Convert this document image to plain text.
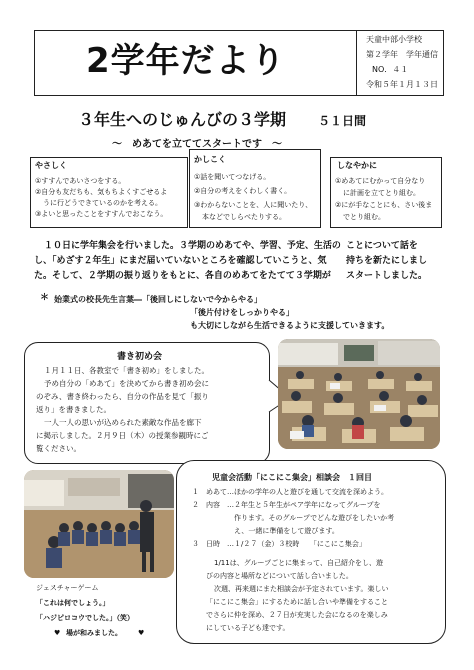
2学年だより
天童中部小学校
第２学年　学年通信
NO．４１
令和５年１月１３日
３年生へのじゅんびの３学期	５１日間
～　めあてを立ててスタートです　～
やさしく
①すすんであいさつをする。
②自分も友だちも、気もちよくすごせるよ
うに行どうできているのかを考える。
③よいと思ったことをすすんでおこなう。
かしこく
①話を聞いてつなげる。
②自分の考えをくわしく書く。
③わからないことを、人に聞いたり、
本などでしらべたりする。
しなやかに
①めあてにむかって自分なり
に計画を立てとり組む。
②にが手なことにも、さい後ま
でとり組む。
１０日に学年集会を行いました。３学期のめあてや、学習、予定、生活の ことについて話を
し、「めざす２年生」にまだ届いていないところを確認していこうと、気 持ちを新たにしまし
た。そして、２学期の振り返りをもとに、各自のめあてをたてて３学期が スタートしました。
＊ 始業式の校長先生言葉―「後回しにしないで今からやる」
「後片付けをしっかりやる」
も大切にしながら生活できるように支援していきます。
書き初め会
１月１１日、各教室で「書き初め」をしました。
予め自分の「めあて」を決めてから書き初め会に
のぞみ、書き終わったら、自分の作品を見て「振り
返り」を書きました。
一人一人の思いが込められた素敵な作品を廊下
に掲示しました。２月９日（木）の授業参観時にご
覧ください。
ジェスチャーゲーム
「これは何でしょう。」
「ハジピロコウでした。」（笑）
♥ 場が和みました。 ♥
児童会活動「にこにこ集会」相談会　１回目
１ めあて…ほかの学年の人と遊びを通して交流を深めよう。
２ 内容　…２年生と５年生がペア学年になってグループを
作ります。そのグループでどんな遊びをしたいか考
え、一緒に準備をして遊びます。
３ 日時　…１/２７（金）３校時　　「にこにこ集会」
1/11は、グループごとに集まって、自己紹介をし、遊
びの内容と場所などについて話し合いました。
次週、再来週にまた相談会が予定されています。楽しい
「にこにこ集会」にするために話し合いや準備をすること
でさらに仲を深め、２７日が充実した会になるのを楽しみ
にしている子ども達です。
